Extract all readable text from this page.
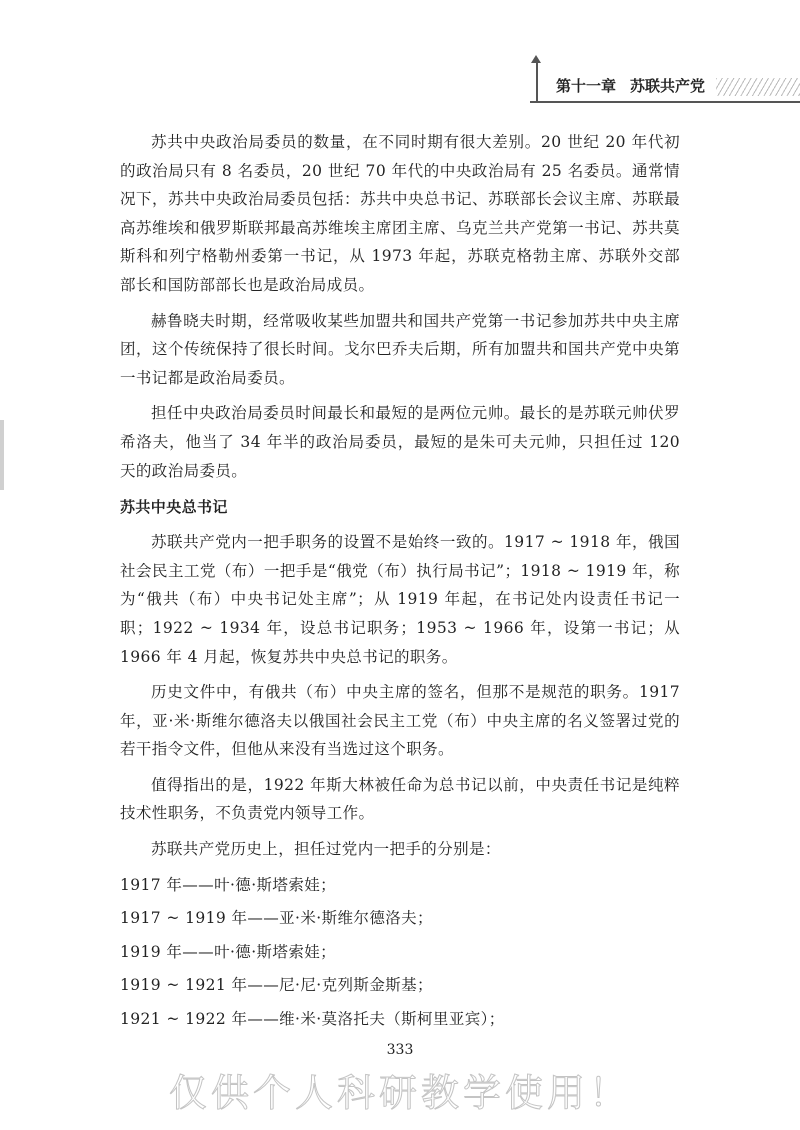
第十一章 苏联共产党

苏共中央政治局委员的数量，在不同时期有很大差别。20 世纪 20 年代初的政治局只有 8 名委员，20 世纪 70 年代的中央政治局有 25 名委员。通常情况下，苏共中央政治局委员包括：苏共中央总书记、苏联部长会议主席、苏联最高苏维埃和俄罗斯联邦最高苏维埃主席团主席、乌克兰共产党第一书记、苏共莫斯科和列宁格勒州委第一书记，从 1973 年起，苏联克格勃主席、苏联外交部部长和国防部部长也是政治局成员。

赫鲁晓夫时期，经常吸收某些加盟共和国共产党第一书记参加苏共中央主席团，这个传统保持了很长时间。戈尔巴乔夫后期，所有加盟共和国共产党中央第一书记都是政治局委员。

担任中央政治局委员时间最长和最短的是两位元帅。最长的是苏联元帅伏罗希洛夫，他当了 34 年半的政治局委员，最短的是朱可夫元帅，只担任过 120 天的政治局委员。

苏共中央总书记

苏联共产党内一把手职务的设置不是始终一致的。1917 ~ 1918 年，俄国社会民主工党（布）一把手是“俄党（布）执行局书记”；1918 ~ 1919 年，称为“俄共（布）中央书记处主席”；从 1919 年起，在书记处内设责任书记一职；1922 ~ 1934 年，设总书记职务；1953 ~ 1966 年，设第一书记；从 1966 年 4 月起，恢复苏共中央总书记的职务。

历史文件中，有俄共（布）中央主席的签名，但那不是规范的职务。1917 年，亚·米·斯维尔德洛夫以俄国社会民主工党（布）中央主席的名义签署过党的若干指令文件，但他从来没有当选过这个职务。

值得指出的是，1922 年斯大林被任命为总书记以前，中央责任书记是纯粹技术性职务，不负责党内领导工作。

苏联共产党历史上，担任过党内一把手的分别是：

1917 年——叶·德·斯塔索娃；

1917 ~ 1919 年——亚·米·斯维尔德洛夫；

1919 年——叶·德·斯塔索娃；

1919 ~ 1921 年——尼·尼·克列斯金斯基；

1921 ~ 1922 年——维·米·莫洛托夫（斯柯里亚宾）；

333
仅供个人科研教学使用！
